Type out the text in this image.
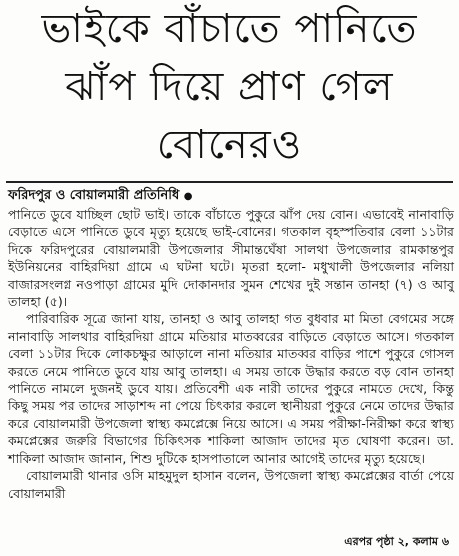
ভাইকে বাঁচাতে পানিতে
ঝাঁপ দিয়ে প্রাণ গেল
বোনেরও
ফরিদপুর ও বোয়ালমারী প্রতিনিধি ●

পানিতে ডুবে যাচ্ছিল ছোট ভাই। তাকে বাঁচাতে পুকুরে ঝাঁপ দেয় বোন। এভাবেই নানাবাড়ি বেড়াতে এসে পানিতে ডুবে মৃত্যু হয়েছে ভাই-বোনের। গতকাল বৃহস্পতিবার বেলা ১১টার দিকে ফরিদপুরের বোয়ালমারী উপজেলার সীমান্তঘেঁষা সালথা উপজেলার রামকান্তপুর ইউনিয়নের বাহিরদিয়া গ্রামে এ ঘটনা ঘটে। মৃতরা হলো- মধুখালী উপজেলার নলিয়া বাজারসংলগ্ন নওপাড়া গ্রামের মুদি দোকানদার সুমন শেখের দুই সন্তান তানহা (৭) ও আবু তালহা (৫)।

পারিবারিক সূত্রে জানা যায়, তানহা ও আবু তালহা গত বুধবার মা মিতা বেগমের সঙ্গে নানাবাড়ি সালথার বাহিরদিয়া গ্রামে মতিয়ার মাতব্বরের বাড়িতে বেড়াতে আসে। গতকাল বেলা ১১টার দিকে লোকচক্ষুর আড়ালে নানা মতিয়ার মাতব্বর বাড়ির পাশে পুকুরে গোসল করতে নেমে পানিতে ডুবে যায় আবু তালহা। এ সময় তাকে উদ্ধার করতে বড় বোন তানহা পানিতে নামলে দুজনই ডুবে যায়। প্রতিবেশী এক নারী তাদের পুকুরে নামতে দেখে, কিন্তু কিছু সময় পর তাদের সাড়াশব্দ না পেয়ে চিৎকার করলে স্থানীয়রা পুকুরে নেমে তাদের উদ্ধার করে বোয়ালমারী উপজেলা স্বাস্থ্য কমপ্লেক্সে নিয়ে আসে। এ সময় পরীক্ষা-নিরীক্ষা করে স্বাস্থ্য কমপ্লেক্সের জরুরি বিভাগের চিকিৎসক শাকিলা আজাদ তাদের মৃত ঘোষণা করেন। ডা. শাকিলা আজাদ জানান, শিশু দুটিকে হাসপাতালে আনার আগেই তাদের মৃত্যু হয়েছে।

বোয়ালমারী থানার ওসি মাহমুদুল হাসান বলেন, উপজেলা স্বাস্থ্য কমপ্লেক্সের বার্তা পেয়ে বোয়ালমারী

এরপর পৃষ্ঠা ২, কলাম ৬
